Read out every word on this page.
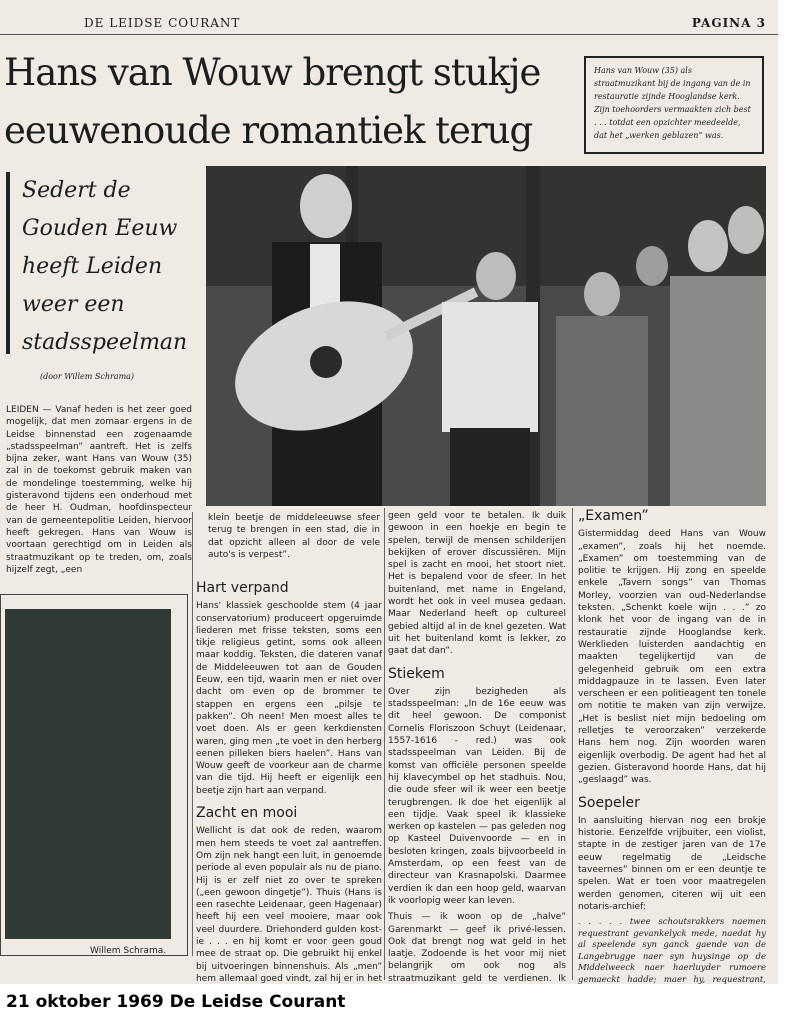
DE LEIDSE COURANT	PAGINA 3
Hans van Wouw brengt stukje
eeuwenoude romantiek terug
Hans van Wouw (35) als straatmuzikant bij de ingang van de in restauratie zijnde Hooglandse kerk. Zijn toehoorders vermaakten zich best . . . totdat een opzichter meedeelde, dat het „werken geblazen” was.
Sedert de
Gouden Eeuw
heeft Leiden
weer een
stadsspeelman
(door Willem Schrama)
LEIDEN — Vanaf heden is het zeer goed mogelijk, dat men zomaar ergens in de Leidse binnenstad een zogenaamde „stadsspeelman” aantreft. Het is zelfs bijna zeker, want Hans van Wouw (35) zal in de toekomst gebruik maken van de mondelinge toestemming, welke hij gisteravond tijdens een onderhoud met de heer H. Oudman, hoofdinspecteur van de gemeentepolitie Leiden, hiervoor heeft gekregen. Hans van Wouw is voortaan gerechtigd om in Leiden als straatmuzikant op te treden, om, zoals hijzelf zegt, „een
klein beetje de middeleeuwse sfeer terug te brengen in een stad, die in dat opzicht alleen al door de vele auto's is verpest”.
Willem Schrama.
Hart verpand

Hans' klassiek geschoolde stem (4 jaar conservatorium) produceert opgeruimde liederen met frisse teksten, soms een tikje religieus getint, soms ook alleen maar koddig. Teksten, die dateren vanaf de Middeleeuwen tot aan de Gouden Eeuw, een tijd, waarin men er niet over dacht om even op de brommer te stappen en ergens een „pilsje te pakken”. Oh neen! Men moest alles te voet doen. Als er geen kerkdiensten waren, ging men „te voet in den herberg eenen pilleken biers haelen”. Hans van Wouw geeft de voorkeur aan de charme van die tijd. Hij heeft er eigenlijk een beetje zijn hart aan verpand.

Zacht en mooi

Wellicht is dat ook de reden, waarom men hem steeds te voet zal aantreffen. Om zijn nek hangt een luit, in genoemde periode al even populair als nu de piano. Hij is er zelf niet zo over te spreken („een gewoon dingetje”). Thuis (Hans is een rasechte Leidenaar, geen Hagenaar) heeft hij een veel mooiere, maar ook veel duurdere. Driehonderd gulden kost-ie . . . en hij komt er voor geen goud mee de straat op. Die gebruikt hij enkel bij uitvoeringen binnenshuis. Als „men” hem allemaal goed vindt, zal hij er in het

geen geld voor te betalen. Ik duik gewoon in een hoekje en begin te spelen, terwijl de mensen schilderijen bekijken of erover discussiëren. Mijn spel is zacht en mooi, het stoort niet. Het is bepalend voor de sfeer. In het buitenland, met name in Engeland, wordt het ook in veel musea gedaan. Maar Nederland heeft op cultureel gebied altijd al in de knel gezeten. Wat uit het buitenland komt is lekker, zo gaat dat dan”.

Stiekem

Over zijn bezigheden als stadsspeelman: „In de 16e eeuw was dit heel gewoon. De componist Cornelis Floriszoon Schuyt (Leidenaar, 1557-1616 - red.) was ook stadsspeelman van Leiden. Bij de komst van officiële personen speelde hij klavecymbel op het stadhuis. Nou, die oude sfeer wil ik weer een beetje terugbrengen. Ik doe het eigenlijk al een tijdje. Vaak speel ik klassieke werken op kastelen — pas geleden nog op Kasteel Duivenvoorde — en in besloten kringen, zoals bijvoorbeeld in Amsterdam, op een feest van de directeur van Krasnapolski. Daarmee verdien ik dan een hoop geld, waarvan ik voorlopig weer kan leven.

Thuis — ik woon op de „halve” Garenmarkt — geef ik privé-lessen. Ook dat brengt nog wat geld in het laatje. Zodoende is het voor mij niet belangrijk om ook nog als straatmuzikant geld te verdienen. Ik

„Examen”

Gistermiddag deed Hans van Wouw „examen”, zoals hij het noemde. „Examen” om toestemming van de politie te krijgen. Hij zong en speelde enkele „Tavern songs” van Thomas Morley, voorzien van oud-Nederlandse teksten. „Schenkt koele wijn . . .” zo klonk het voor de ingang van de in restauratie zijnde Hooglandse kerk. Werklieden luisterden aandachtig en maakten tegelijkertijd van de gelegenheid gebruik om een extra middagpauze in te lassen. Even later verscheen er een politieagent ten tonele om notitie te maken van zijn verwijze. „Het is beslist niet mijn bedoeling om relletjes te veroorzaken” verzekerde Hans hem nog. Zijn woorden waren eigenlijk overbodig. De agent had het al gezien. Gisteravond hoorde Hans, dat hij „geslaagd” was.

Soepeler

In aansluiting hiervan nog een brokje historie. Eenzelfde vrijbuiter, een violist, stapte in de zestiger jaren van de 17e eeuw regelmatig de „Leidsche taveernes” binnen om er een deuntje te spelen. Wat er toen voor maatregelen werden genomen, citeren wij uit een notaris-archief:

. . . . . twee schoutsrakkers naemen requestrant gevankelyck mede, naedat hy al speelende syn ganck gaende van de Langebrugge naer syn huysinge op de Middelweeck naer haerluyder rumoere gemaeckt hadde; maer hy, requestrant,

21 oktober 1969 De Leidse Courant
